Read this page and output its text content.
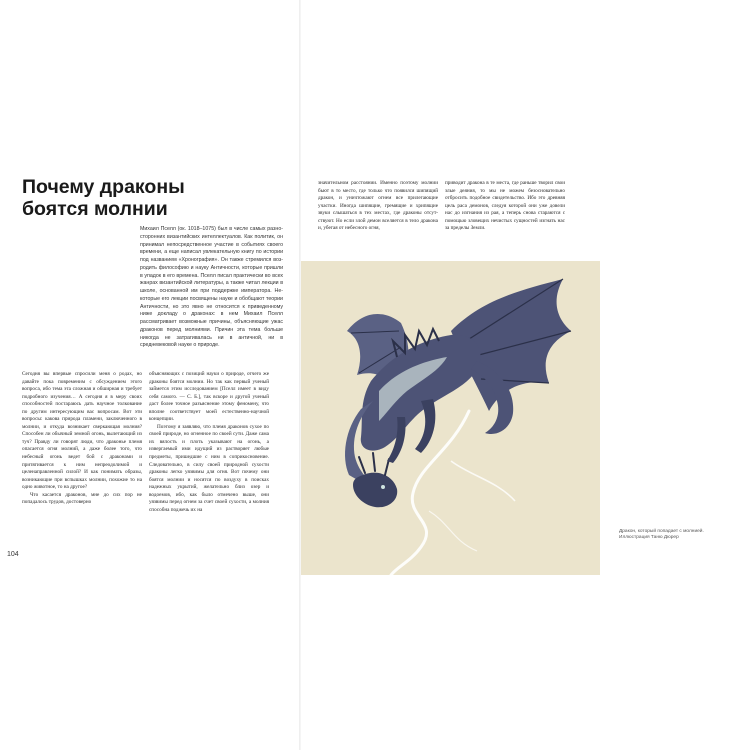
Почему драконы
боятся молнии
Михаил Пселл (ок. 1018–1075) был в числе самых разносторонних византийских интеллектуалов. Как политик, он принимал непосредственное участие в событиях своего времени, а еще написал увлекательную книгу по истории под названием «Хронография». Он также стремился возродить философию и науку Античности, которые пришли в упадок в его времена. Пселл писал практически во всех жанрах византийской литературы, а также читал лекции в школе, основанной им при поддержке императора. Некоторые его лекции посвящены науке и обобщают теории Античности, но это явно не относится к приведенному ниже докладу о драконах: в нем Михаил Пселл рассматривает возможные причины, объясняющие ужас драконов перед молниями. Причин эта тема больше никогда не затрагивалась ни в античной, ни в средневековой науке о природе.

Сегодня вы впервые спросили меня о родах, но давайте пока повременим с обсуждением этого вопроса, ибо тема эта сложная и обширная и требует подробного изучения… А сегодня я в меру своих способностей постараюсь дать научное толкование по другим интересующим вас вопросам. Вот эти вопросы: какова природа пламени, заключенного в молнии, и откуда возникает сверкающая молния? Способен ли обычный земной огонь, вылетающий из туч? Правду ли говорят люди, что драконье племя опасается огня молний, а даже более того, что небесный огонь ведет бой с драконами и притягивается к ним непреодолимой и целенаправленной силой? И как понимать образы, возникающие при вспышках молнии, похожие то на одно животное, то на другое?

Что касается драконов, мне до сих пор не попадалось трудов, достоверно

объясняющих с позиций науки о природе, отчего же драконы боятся молнии. Но так как первый ученый займется этим исследованием [Пселл имеет в виду себя самого. — С. Б.], так вскоре и другой ученый даст более точное разъяснение этому феномену, что вполне соответствует моей естественно-научной концепции.

Поэтому я заявляю, что племя драконов сухое по своей природе, но огненное по своей сути. Даже сама их вялость и плоть указывают на огонь, а извергаемый ими идущий из растворяет любые предметы, пришедшие с ним в соприкосновение. Следовательно, в силу своей природной сухости драконы легко уязвимы для огня. Вот почему они боятся молнии и носятся по воздуху в поисках надежных укрытий, желательно близ озер и водоемов, ибо, как было отмечено выше, они уязвимы перед огнем за счет своей сухости, а молния способна поджечь их на

значительном расстоянии. Именно поэтому молнии бьют в то место, где только что появился шипящий дракон, и уничтожают огнем все прилегающие участки. Иногда шипящие, гремящие и хрипящие звуки слышаться в тех местах, где драконы отсутствуют. Но если злой демон вселяется в тело дракона и, убегая от небесного огня,

приводит дракона в те места, где раньше творил свои злые деяния, то мы не можем безосновательно отбросить подобное свидетельство. Ибо это древняя цель раса демонов, следуя которой они уже довели нас до изгнания из рая, а теперь снова стараются с помощью зловещих нечистых сущностей изгнать нас за пределы Земли.

104
Дракон, который попадает с молнией. Иллюстрация Таню Дюрер
